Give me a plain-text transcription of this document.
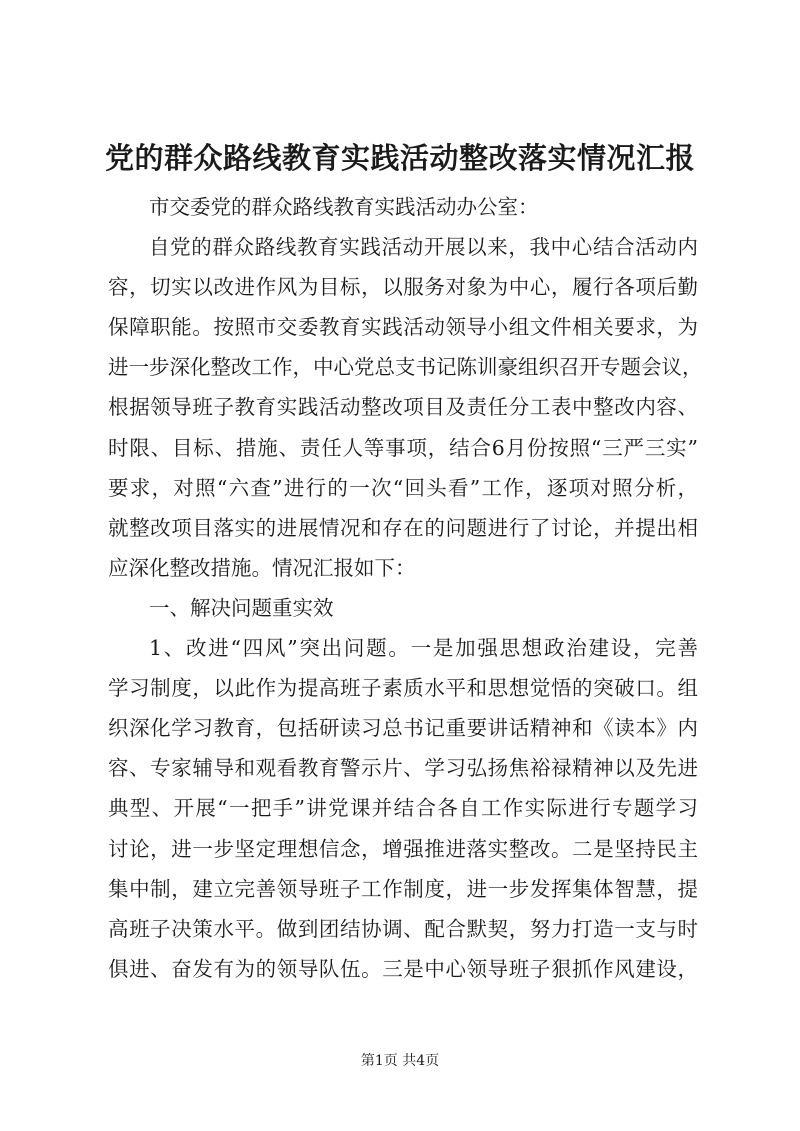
党的群众路线教育实践活动整改落实情况汇报
市交委党的群众路线教育实践活动办公室：
自党的群众路线教育实践活动开展以来，我中心结合活动内
容，切实以改进作风为目标，以服务对象为中心，履行各项后勤
保障职能。按照市交委教育实践活动领导小组文件相关要求，为
进一步深化整改工作，中心党总支书记陈训豪组织召开专题会议，
根据领导班子教育实践活动整改项目及责任分工表中整改内容、
时限、目标、措施、责任人等事项，结合6月份按照“三严三实”
要求，对照“六查”进行的一次“回头看”工作，逐项对照分析，
就整改项目落实的进展情况和存在的问题进行了讨论，并提出相
应深化整改措施。情况汇报如下：
一、解决问题重实效
1、改进“四风”突出问题。一是加强思想政治建设，完善
学习制度，以此作为提高班子素质水平和思想觉悟的突破口。组
织深化学习教育，包括研读习总书记重要讲话精神和《读本》内
容、专家辅导和观看教育警示片、学习弘扬焦裕禄精神以及先进
典型、开展“一把手”讲党课并结合各自工作实际进行专题学习
讨论，进一步坚定理想信念，增强推进落实整改。二是坚持民主
集中制，建立完善领导班子工作制度，进一步发挥集体智慧，提
高班子决策水平。做到团结协调、配合默契，努力打造一支与时
俱进、奋发有为的领导队伍。三是中心领导班子狠抓作风建设，
第1页 共4页
